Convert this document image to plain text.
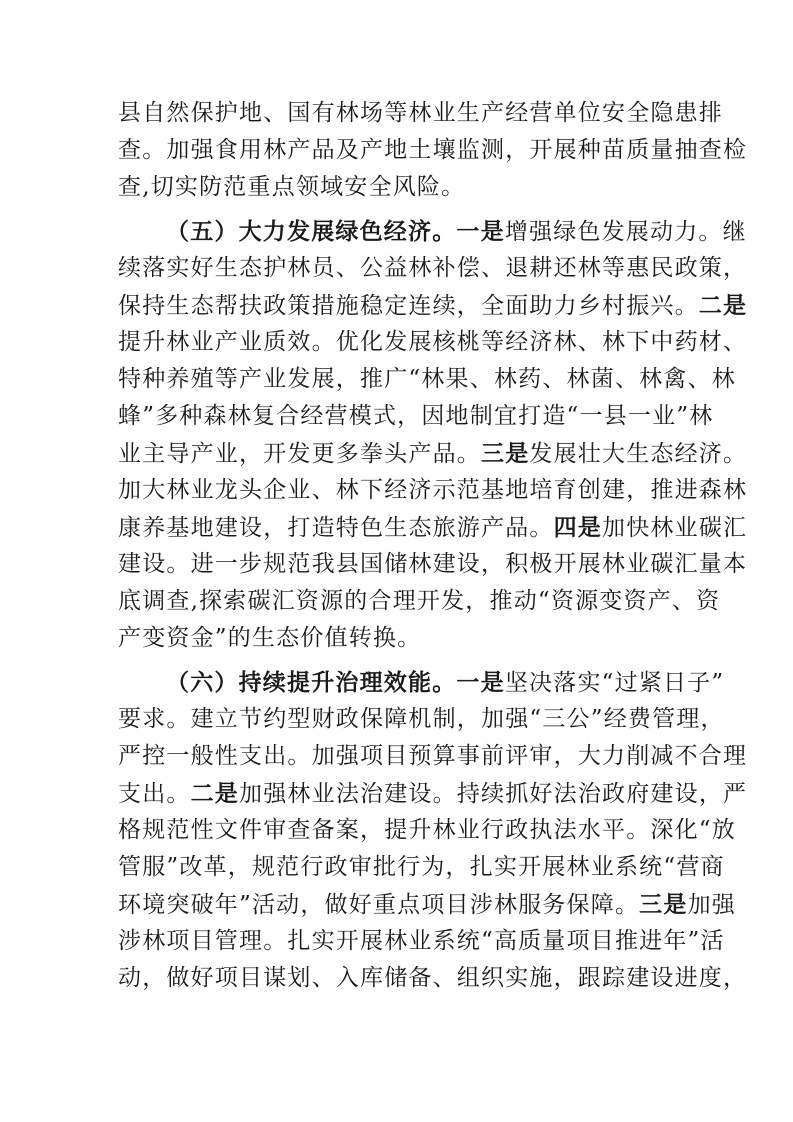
县自然保护地、国有林场等林业生产经营单位安全隐患排
查。加强食用林产品及产地土壤监测，开展种苗质量抽查检
查,切实防范重点领域安全风险。
（五）大力发展绿色经济。一是增强绿色发展动力。继
续落实好生态护林员、公益林补偿、退耕还林等惠民政策，
保持生态帮扶政策措施稳定连续，全面助力乡村振兴。二是
提升林业产业质效。优化发展核桃等经济林、林下中药材、
特种养殖等产业发展，推广“林果、林药、林菌、林禽、林
蜂”多种森林复合经营模式，因地制宜打造“一县一业”林
业主导产业，开发更多拳头产品。三是发展壮大生态经济。
加大林业龙头企业、林下经济示范基地培育创建，推进森林
康养基地建设，打造特色生态旅游产品。四是加快林业碳汇
建设。进一步规范我县国储林建设，积极开展林业碳汇量本
底调查,探索碳汇资源的合理开发，推动“资源变资产、资
产变资金”的生态价值转换。
（六）持续提升治理效能。一是坚决落实“过紧日子”
要求。建立节约型财政保障机制，加强“三公”经费管理，
严控一般性支出。加强项目预算事前评审，大力削减不合理
支出。二是加强林业法治建设。持续抓好法治政府建设，严
格规范性文件审查备案，提升林业行政执法水平。深化“放
管服”改革，规范行政审批行为，扎实开展林业系统“营商
环境突破年”活动，做好重点项目涉林服务保障。三是加强
涉林项目管理。扎实开展林业系统“高质量项目推进年”活
动，做好项目谋划、入库储备、组织实施，跟踪建设进度，
